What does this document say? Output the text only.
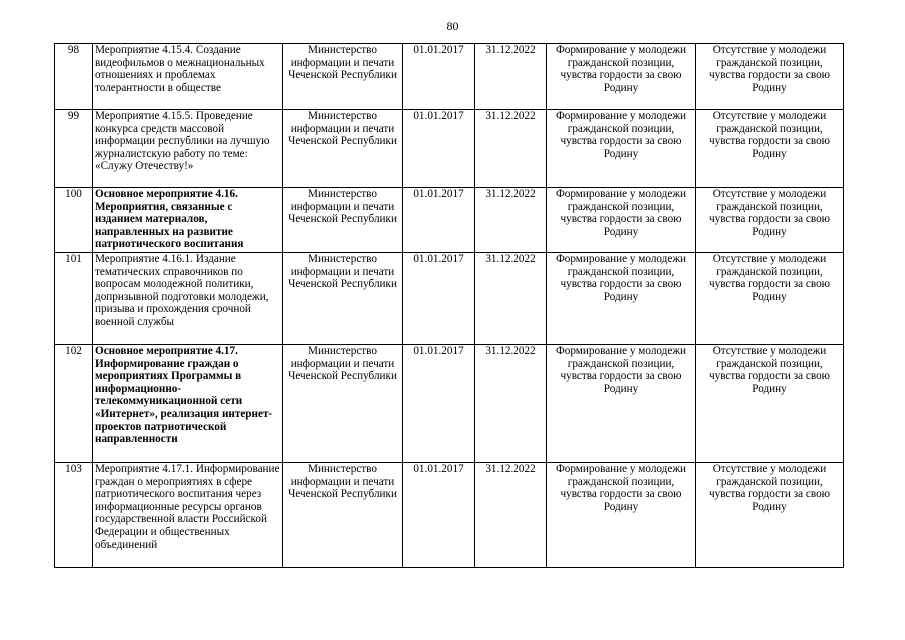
80
98	Мероприятие 4.15.4. Создание видеофильмов о межнациональных отношениях и проблемах толерантности в обществе	Министерство информации и печати Чеченской Республики	01.01.2017	31.12.2022	Формирование у молодежи гражданской позиции, чувства гордости за свою Родину	Отсутствие у молодежи гражданской позиции, чувства гордости за свою Родину
99	Мероприятие 4.15.5. Проведение конкурса средств массовой информации республики на лучшую журналистскую работу по теме: «Служу Отечеству!»	Министерство информации и печати Чеченской Республики	01.01.2017	31.12.2022	Формирование у молодежи гражданской позиции, чувства гордости за свою Родину	Отсутствие у молодежи гражданской позиции, чувства гордости за свою Родину
100	Основное мероприятие 4.16. Мероприятия, связанные с изданием материалов, направленных на развитие патриотического воспитания	Министерство информации и печати Чеченской Республики	01.01.2017	31.12.2022	Формирование у молодежи гражданской позиции, чувства гордости за свою Родину	Отсутствие у молодежи гражданской позиции, чувства гордости за свою Родину
101	Мероприятие 4.16.1. Издание тематических справочников по вопросам молодежной политики, допризывной подготовки молодежи, призыва и прохождения срочной военной службы	Министерство информации и печати Чеченской Республики	01.01.2017	31.12.2022	Формирование у молодежи гражданской позиции, чувства гордости за свою Родину	Отсутствие у молодежи гражданской позиции, чувства гордости за свою Родину
102	Основное мероприятие 4.17. Информирование граждан о мероприятиях Программы в информационно-телекоммуникационной сети «Интернет», реализация интернет-проектов патриотической направленности	Министерство информации и печати Чеченской Республики	01.01.2017	31.12.2022	Формирование у молодежи гражданской позиции, чувства гордости за свою Родину	Отсутствие у молодежи гражданской позиции, чувства гордости за свою Родину
103	Мероприятие 4.17.1. Информирование граждан о мероприятиях в сфере патриотического воспитания через информационные ресурсы органов государственной власти Российской Федерации и общественных объединений	Министерство информации и печати Чеченской Республики	01.01.2017	31.12.2022	Формирование у молодежи гражданской позиции, чувства гордости за свою Родину	Отсутствие у молодежи гражданской позиции, чувства гордости за свою Родину
